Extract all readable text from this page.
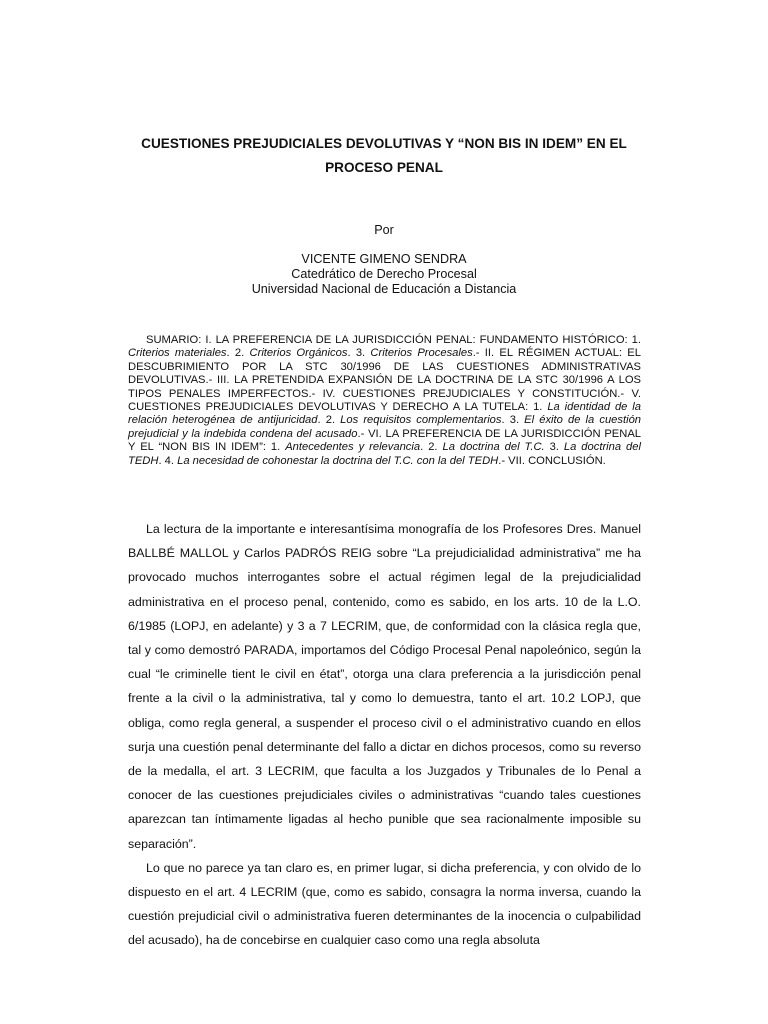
CUESTIONES PREJUDICIALES DEVOLUTIVAS Y “NON BIS IN IDEM” EN EL
PROCESO PENAL

Por

VICENTE GIMENO SENDRA
Catedrático de Derecho Procesal
Universidad Nacional de Educación a Distancia

SUMARIO: I. LA PREFERENCIA DE LA JURISDICCIÓN PENAL: FUNDAMENTO HISTÓRICO: 1. Criterios materiales. 2. Criterios Orgánicos. 3. Criterios Procesales.- II. EL RÉGIMEN ACTUAL: EL DESCUBRIMIENTO POR LA STC 30/1996 DE LAS CUESTIONES ADMINISTRATIVAS DEVOLUTIVAS.- III. LA PRETENDIDA EXPANSIÓN DE LA DOCTRINA DE LA STC 30/1996 A LOS TIPOS PENALES IMPERFECTOS.- IV. CUESTIONES PREJUDICIALES Y CONSTITUCIÓN.- V. CUESTIONES PREJUDICIALES DEVOLUTIVAS Y DERECHO A LA TUTELA: 1. La identidad de la relación heterogénea de antijuricidad. 2. Los requisitos complementarios. 3. El éxito de la cuestión prejudicial y la indebida condena del acusado.- VI. LA PREFERENCIA DE LA JURISDICCIÓN PENAL Y EL “NON BIS IN IDEM”: 1. Antecedentes y relevancia. 2. La doctrina del T.C. 3. La doctrina del TEDH. 4. La necesidad de cohonestar la doctrina del T.C. con la del TEDH.- VII. CONCLUSIÓN.

La lectura de la importante e interesantísima monografía de los Profesores Dres. Manuel BALLBÉ MALLOL y Carlos PADRÓS REIG sobre “La prejudicialidad administrativa” me ha provocado muchos interrogantes sobre el actual régimen legal de la prejudicialidad administrativa en el proceso penal, contenido, como es sabido, en los arts. 10 de la L.O. 6/1985 (LOPJ, en adelante) y 3 a 7 LECRIM, que, de conformidad con la clásica regla que, tal y como demostró PARADA, importamos del Código Procesal Penal napoleónico, según la cual “le criminelle tient le civil en état”, otorga una clara preferencia a la jurisdicción penal frente a la civil o la administrativa, tal y como lo demuestra, tanto el art. 10.2 LOPJ, que obliga, como regla general, a suspender el proceso civil o el administrativo cuando en ellos surja una cuestión penal determinante del fallo a dictar en dichos procesos, como su reverso de la medalla, el art. 3 LECRIM, que faculta a los Juzgados y Tribunales de lo Penal a conocer de las cuestiones prejudiciales civiles o administrativas “cuando tales cuestiones aparezcan tan íntimamente ligadas al hecho punible que sea racionalmente imposible su separación”.

Lo que no parece ya tan claro es, en primer lugar, si dicha preferencia, y con olvido de lo dispuesto en el art. 4 LECRIM (que, como es sabido, consagra la norma inversa, cuando la cuestión prejudicial civil o administrativa fueren determinantes de la inocencia o culpabilidad del acusado), ha de concebirse en cualquier caso como una regla absoluta
